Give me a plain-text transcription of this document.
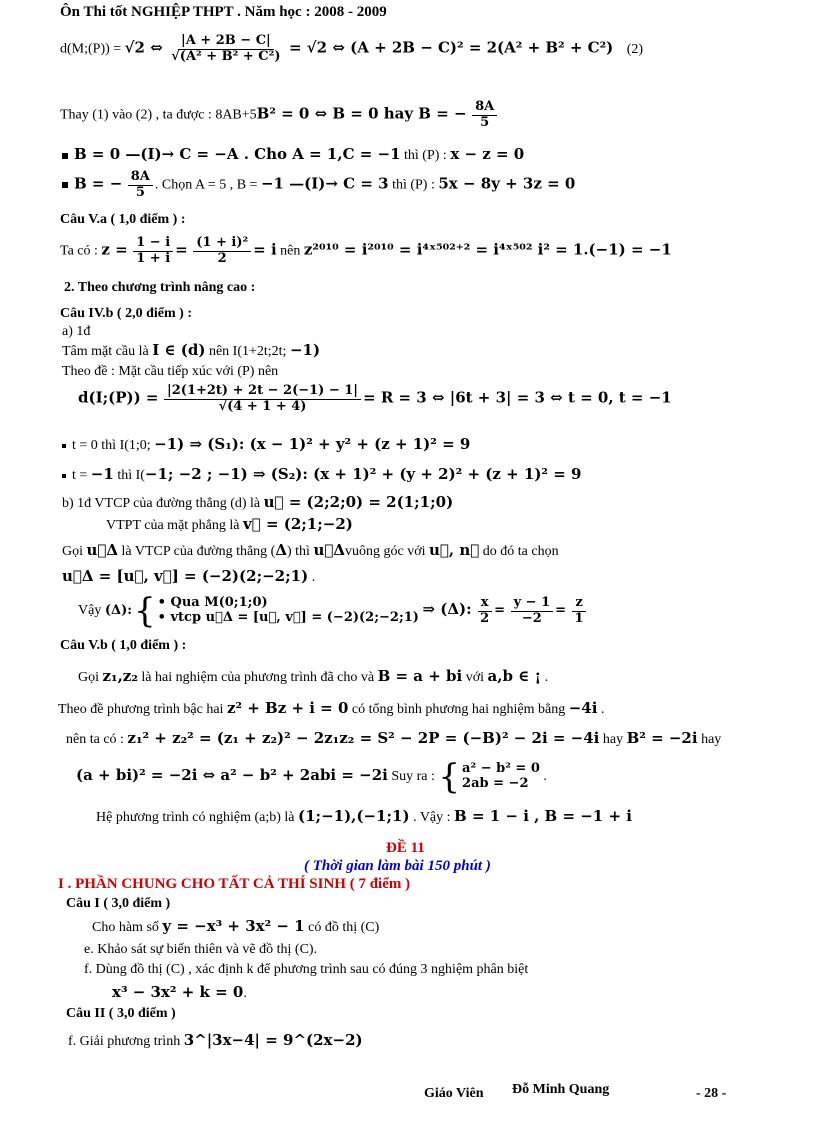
Ôn Thi tốt NGHIỆP THPT . Năm học : 2008 - 2009
d(M;(P)) = √2 ⇔ $\frac{|A + 2B - C|}{\text{√(A² + B² + C²)}} = √2$ ⇔ (A + 2B − C)² = 2(A² + B² + C²) (2)
Thay (1) vào (2) , ta được : 8AB+5B² = 0 ⇔ B = 0 hay B = − $\frac{8A}{5}$
B = 0 —(I)→ C = −A . Cho A = 1,C = −1 thì (P) : x − z = 0
B = − $\frac{8A}{5}$ . Chọn A = 5 , B = −1 —(I)→ C = 3 thì (P) : 5x − 8y + 3z = 0
Câu V.a ( 1,0 điểm ) :
Ta có : $z = \frac{1 - i}{1 + i} = \frac{\text{(1 + i)²}}{2} = i$ nên z²⁰¹⁰ = i²⁰¹⁰ = i⁴ˣ⁵⁰²⁺² = i⁴ˣ⁵⁰² i² = 1.(−1) = −1
2. Theo chương trình nâng cao :
Câu IV.b ( 2,0 điểm ) :
a) 1đ
Tâm mặt cầu là I ∈ (d) nên I(1+2t;2t; −1)
Theo đề : Mặt cầu tiếp xúc với (P) nên
d(I;(P)) = $\frac{|2(1+2t) + 2t - 2(-1) - 1|}{√(4 + 1 + 4)} = R = 3$ ⇔ |6t + 3| = 3 ⇔ t = 0, t = −1
t = 0 thì I(1;0; −1) ⇒ (S₁): (x − 1)² + y² + (z + 1)² = 9
t = −1 thì I(−1; −2 ; −1) ⇒ (S₂): (x + 1)² + (y + 2)² + (z + 1)² = 9
b) 1đ VTCP của đường thẳng (d) là u⃗ = (2;2;0) = 2(1;1;0)
VTPT của mặt phẳng là v⃗ = (2;1;−2)
Gọi u⃗Δ là VTCP của đường thẳng (Δ) thì u⃗Δvuông góc với u⃗, n⃗ do đó ta chọn
u⃗Δ = [u⃗, v⃗] = (−2)(2;−2;1) .
Vậy (Δ): { • Qua M(0;1;0)
• vtcp u⃗Δ = [u⃗, v⃗] = (−2)(2;−2;1) ⇒ (Δ): $\frac{x}{2} = \frac{y - 1}{-2} = \frac{z}{1}$
Câu V.b ( 1,0 điểm ) :
Gọi z₁,z₂ là hai nghiệm của phương trình đã cho và B = a + bi với a,b ∈ ¡ .
Theo đề phương trình bậc hai z² + Bz + i = 0 có tổng bình phương hai nghiệm bằng −4i .
nên ta có : z₁² + z₂² = (z₁ + z₂)² − 2z₁z₂ = S² − 2P = (−B)² − 2i = −4i hay B² = −2i hay
(a + bi)² = −2i ⇔ a² − b² + 2abi = −2i Suy ra : { a² − b² = 0
2ab = −2 .
Hệ phương trình có nghiệm (a;b) là (1;−1),(−1;1) . Vậy : B = 1 − i , B = −1 + i
ĐỀ 11
( Thời gian làm bài 150 phút )
I . PHẦN CHUNG CHO TẤT CẢ THÍ SINH ( 7 điểm )
Câu I ( 3,0 điểm )
Cho hàm số y = −x³ + 3x² − 1 có đồ thị (C)
e. Khảo sát sự biến thiên và vẽ đồ thị (C).
f. Dùng đồ thị (C) , xác định k để phương trình sau có đúng 3 nghiệm phân biệt
x³ − 3x² + k = 0.
Câu II ( 3,0 điểm )
f. Giải phương trình 3^|3x−4| = 9^(2x−2)
Giáo Viên Đỗ Minh Quang	- 28 -
